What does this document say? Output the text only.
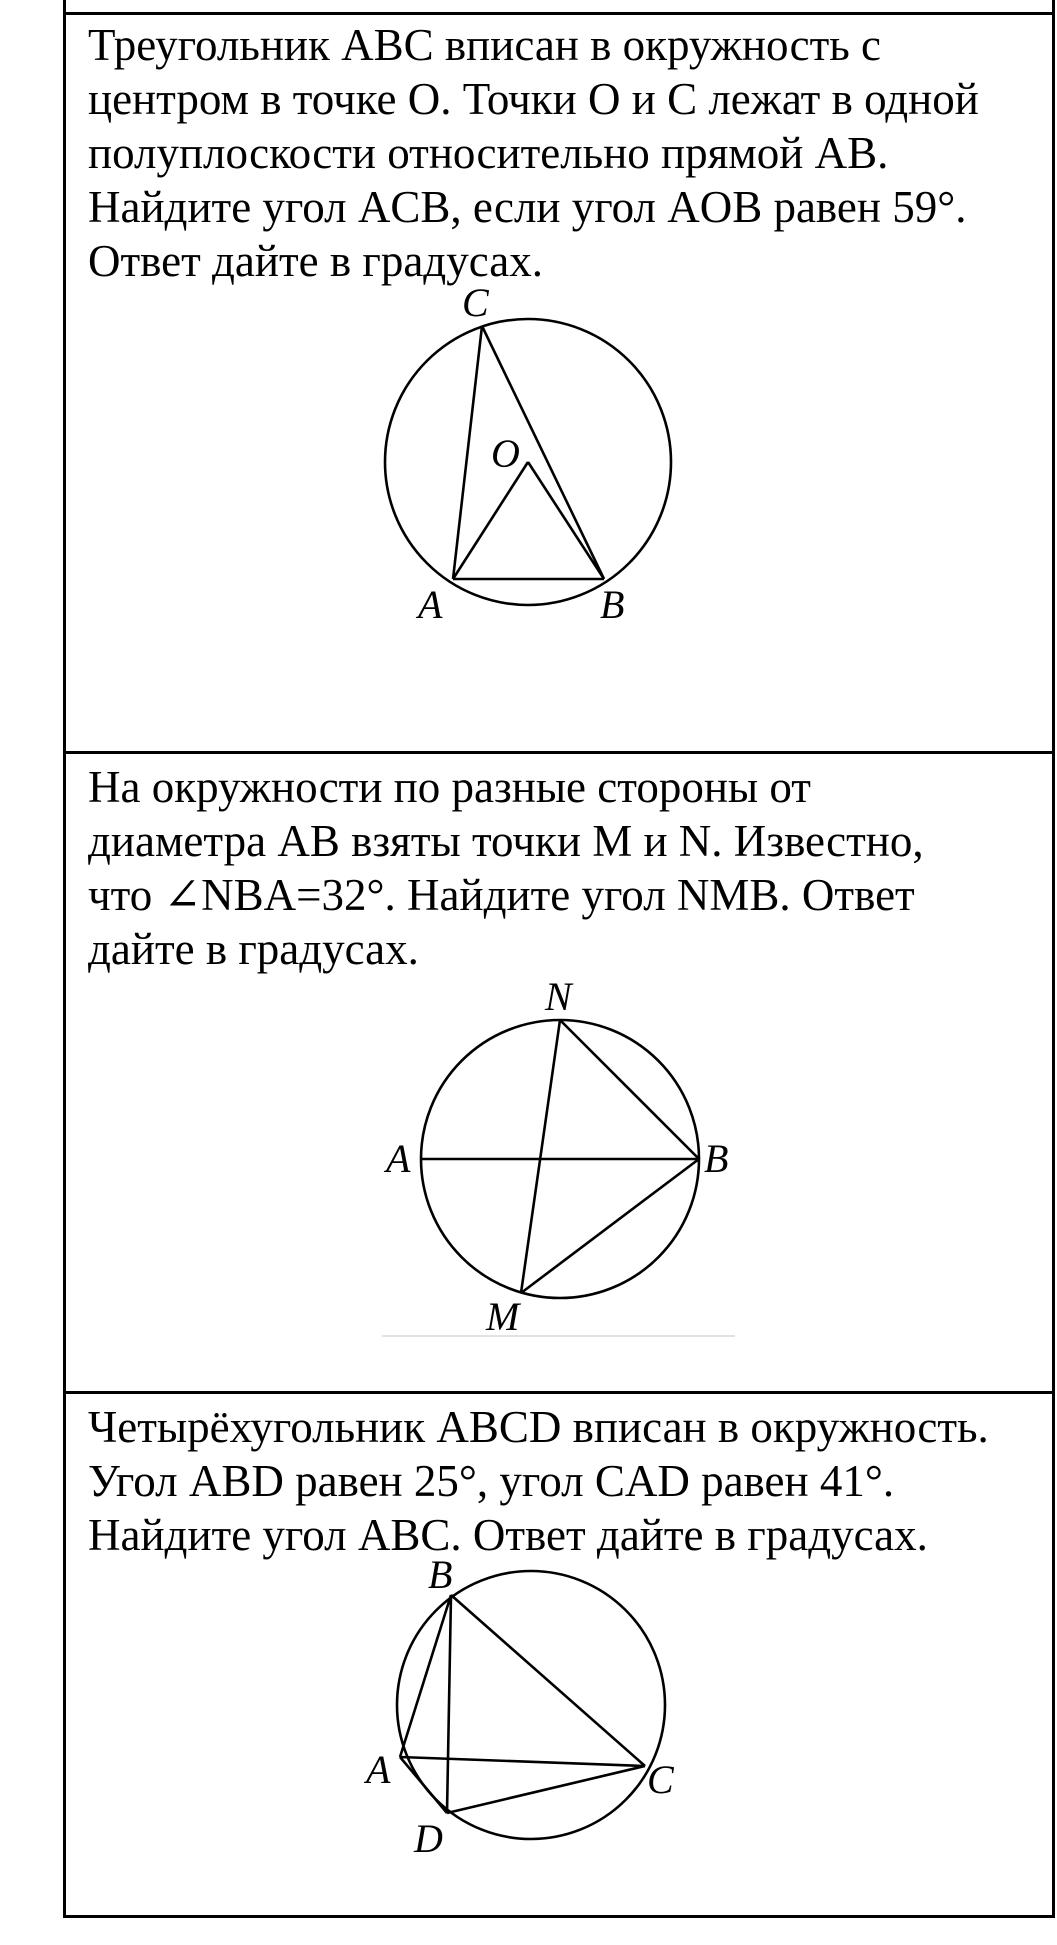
Треугольник ABC вписан в окружность с
центром в точке O. Точки O и C лежат в одной
полуплоскости относительно прямой AB.
Найдите угол ACB, если угол AOB равен 59°.
Ответ дайте в градусах.
C
O
A	B
На окружности по разные стороны от
диаметра AB взяты точки M и N. Известно,
что ∠NBA=32°. Найдите угол NMB. Ответ
дайте в градусах.
N
A	B
M
Четырёхугольник ABCD вписан в окружность.
Угол ABD равен 25°, угол CAD равен 41°.
Найдите угол ABC. Ответ дайте в градусах.
B
A	C
D
